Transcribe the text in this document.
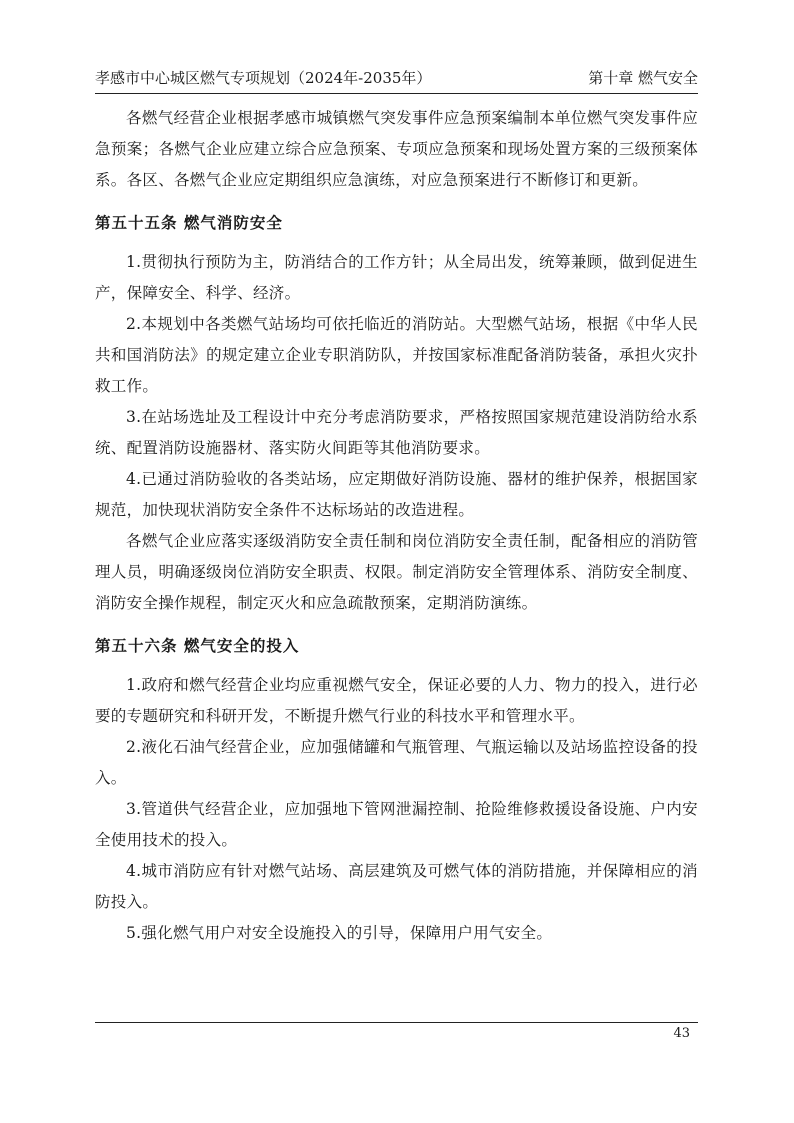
孝感市中心城区燃气专项规划（2024年-2035年）	第十章 燃气安全

各燃气经营企业根据孝感市城镇燃气突发事件应急预案编制本单位燃气突发事件应急预案；各燃气企业应建立综合应急预案、专项应急预案和现场处置方案的三级预案体系。各区、各燃气企业应定期组织应急演练，对应急预案进行不断修订和更新。

第五十五条 燃气消防安全

1.贯彻执行预防为主，防消结合的工作方针；从全局出发，统筹兼顾，做到促进生产，保障安全、科学、经济。

2.本规划中各类燃气站场均可依托临近的消防站。大型燃气站场，根据《中华人民共和国消防法》的规定建立企业专职消防队，并按国家标准配备消防装备，承担火灾扑救工作。

3.在站场选址及工程设计中充分考虑消防要求，严格按照国家规范建设消防给水系统、配置消防设施器材、落实防火间距等其他消防要求。

4.已通过消防验收的各类站场，应定期做好消防设施、器材的维护保养，根据国家规范，加快现状消防安全条件不达标场站的改造进程。

各燃气企业应落实逐级消防安全责任制和岗位消防安全责任制，配备相应的消防管理人员，明确逐级岗位消防安全职责、权限。制定消防安全管理体系、消防安全制度、消防安全操作规程，制定灭火和应急疏散预案，定期消防演练。

第五十六条 燃气安全的投入

1.政府和燃气经营企业均应重视燃气安全，保证必要的人力、物力的投入，进行必要的专题研究和科研开发，不断提升燃气行业的科技水平和管理水平。

2.液化石油气经营企业，应加强储罐和气瓶管理、气瓶运输以及站场监控设备的投入。

3.管道供气经营企业，应加强地下管网泄漏控制、抢险维修救援设备设施、户内安全使用技术的投入。

4.城市消防应有针对燃气站场、高层建筑及可燃气体的消防措施，并保障相应的消防投入。

5.强化燃气用户对安全设施投入的引导，保障用户用气安全。

43
